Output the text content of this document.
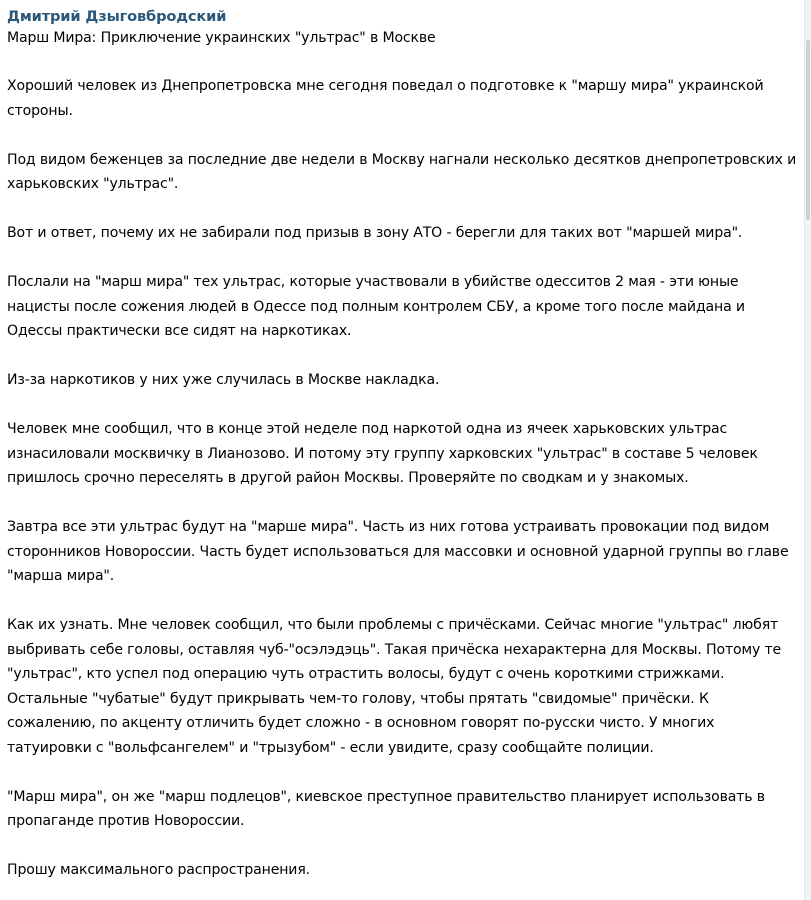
Дмитрий Дзыговбродский
Марш Мира: Приключение украинских "ультрас" в Москве

Хороший человек из Днепропетровска мне сегодня поведал о подготовке к "маршу мира" украинской стороны.

Под видом беженцев за последние две недели в Москву нагнали несколько десятков днепропетровских и харьковских "ультрас".

Вот и ответ, почему их не забирали под призыв в зону АТО - берегли для таких вот "маршей мира".

Послали на "марш мира" тех ультрас, которые участвовали в убийстве одесситов 2 мая - эти юные нацисты после сожения людей в Одессе под полным контролем СБУ, а кроме того после майдана и Одессы практически все сидят на наркотиках.

Из-за наркотиков у них уже случилась в Москве накладка.

Человек мне сообщил, что в конце этой неделе под наркотой одна из ячеек харьковских ультрас изнасиловали москвичку в Лианозово. И потому эту группу харковских "ультрас" в составе 5 человек пришлось срочно переселять в другой район Москвы. Проверяйте по сводкам и у знакомых.

Завтра все эти ультрас будут на "марше мира". Часть из них готова устраивать провокации под видом сторонников Новороссии. Часть будет использоваться для массовки и основной ударной группы во главе "марша мира".

Как их узнать. Мне человек сообщил, что были проблемы с причёсками. Сейчас многие "ультрас" любят выбривать себе головы, оставляя чуб-"осэлэдэць". Такая причёска нехарактерна для Москвы. Потому те "ультрас", кто успел под операцию чуть отрастить волосы, будут с очень короткими стрижками. Остальные "чубатые" будут прикрывать чем-то голову, чтобы прятать "свидомые" причёски. К сожалению, по акценту отличить будет сложно - в основном говорят по-русски чисто. У многих татуировки с "вольфсангелем" и "трызубом" - если увидите, сразу сообщайте полиции.

"Марш мира", он же "марш подлецов", киевское преступное правительство планирует использовать в пропаганде против Новороссии.

Прошу максимального распространения.
